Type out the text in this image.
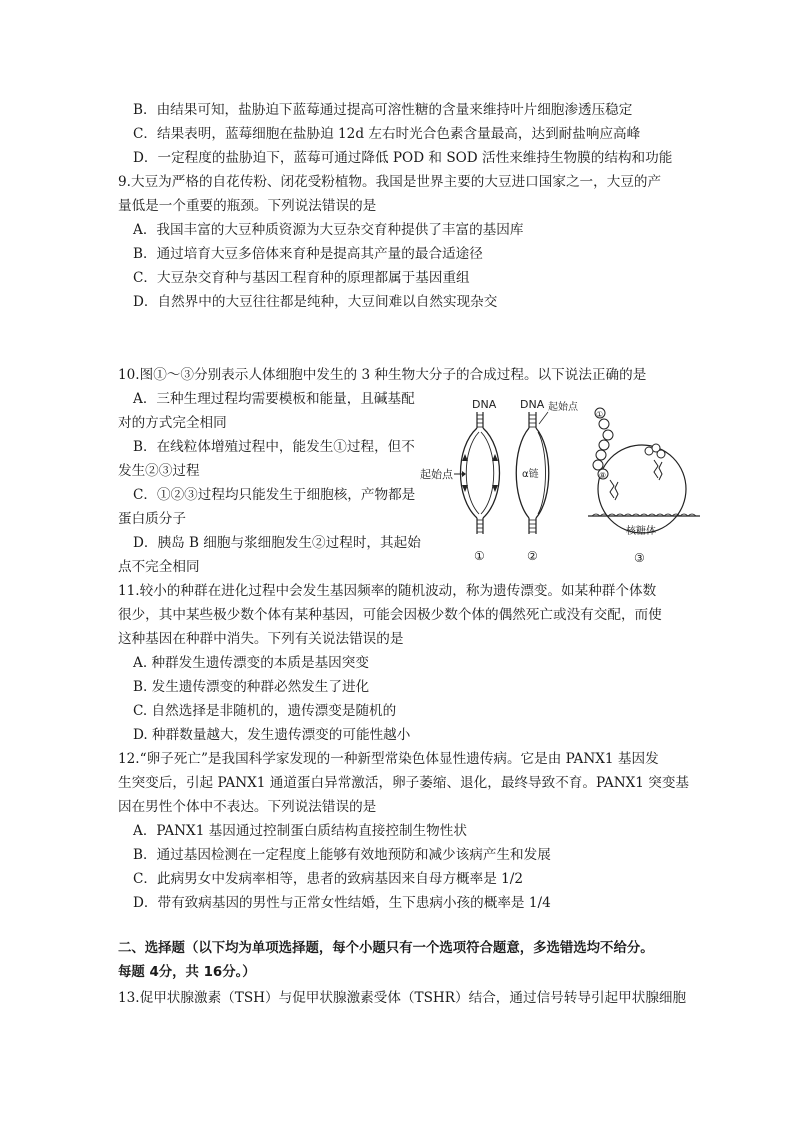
B．由结果可知，盐胁迫下蓝莓通过提高可溶性糖的含量来维持叶片细胞渗透压稳定
C．结果表明，蓝莓细胞在盐胁迫 12d 左右时光合色素含量最高，达到耐盐响应高峰
D．一定程度的盐胁迫下，蓝莓可通过降低 POD 和 SOD 活性来维持生物膜的结构和功能
9.大豆为严格的自花传粉、闭花受粉植物。我国是世界主要的大豆进口国家之一，大豆的产
量低是一个重要的瓶颈。下列说法错误的是
A．我国丰富的大豆种质资源为大豆杂交育种提供了丰富的基因库
B．通过培育大豆多倍体来育种是提高其产量的最合适途径
C．大豆杂交育种与基因工程育种的原理都属于基因重组
D．自然界中的大豆往往都是纯种，大豆间难以自然实现杂交
10.图①～③分别表示人体细胞中发生的 3 种生物大分子的合成过程。以下说法正确的是
A．三种生理过程均需要模板和能量，且碱基配
对的方式完全相同
B．在线粒体增殖过程中，能发生①过程，但不
发生②③过程
C．①②③过程均只能发生于细胞核，产物都是
蛋白质分子
D．胰岛 B 细胞与浆细胞发生②过程时，其起始
点不完全相同
DNA
起始点
①
DNA 起始点
α链
②
核糖体
①
⑧
③
11.较小的种群在进化过程中会发生基因频率的随机波动，称为遗传漂变。如某种群个体数
很少，其中某些极少数个体有某种基因，可能会因极少数个体的偶然死亡或没有交配，而使
这种基因在种群中消失。下列有关说法错误的是
A. 种群发生遗传漂变的本质是基因突变
B. 发生遗传漂变的种群必然发生了进化
C. 自然选择是非随机的，遗传漂变是随机的
D. 种群数量越大，发生遗传漂变的可能性越小
12.“卵子死亡”是我国科学家发现的一种新型常染色体显性遗传病。它是由 PANX1 基因发
生突变后，引起 PANX1 通道蛋白异常激活，卵子萎缩、退化，最终导致不育。PANX1 突变基
因在男性个体中不表达。下列说法错误的是
A．PANX1 基因通过控制蛋白质结构直接控制生物性状
B．通过基因检测在一定程度上能够有效地预防和减少该病产生和发展
C．此病男女中发病率相等，患者的致病基因来自母方概率是 1/2
D．带有致病基因的男性与正常女性结婚，生下患病小孩的概率是 1/4
二、选择题（以下均为单项选择题，每个小题只有一个选项符合题意，多选错选均不给分。
每题 4分，共 16分。）
13.促甲状腺激素（TSH）与促甲状腺激素受体（TSHR）结合，通过信号转导引起甲状腺细胞
